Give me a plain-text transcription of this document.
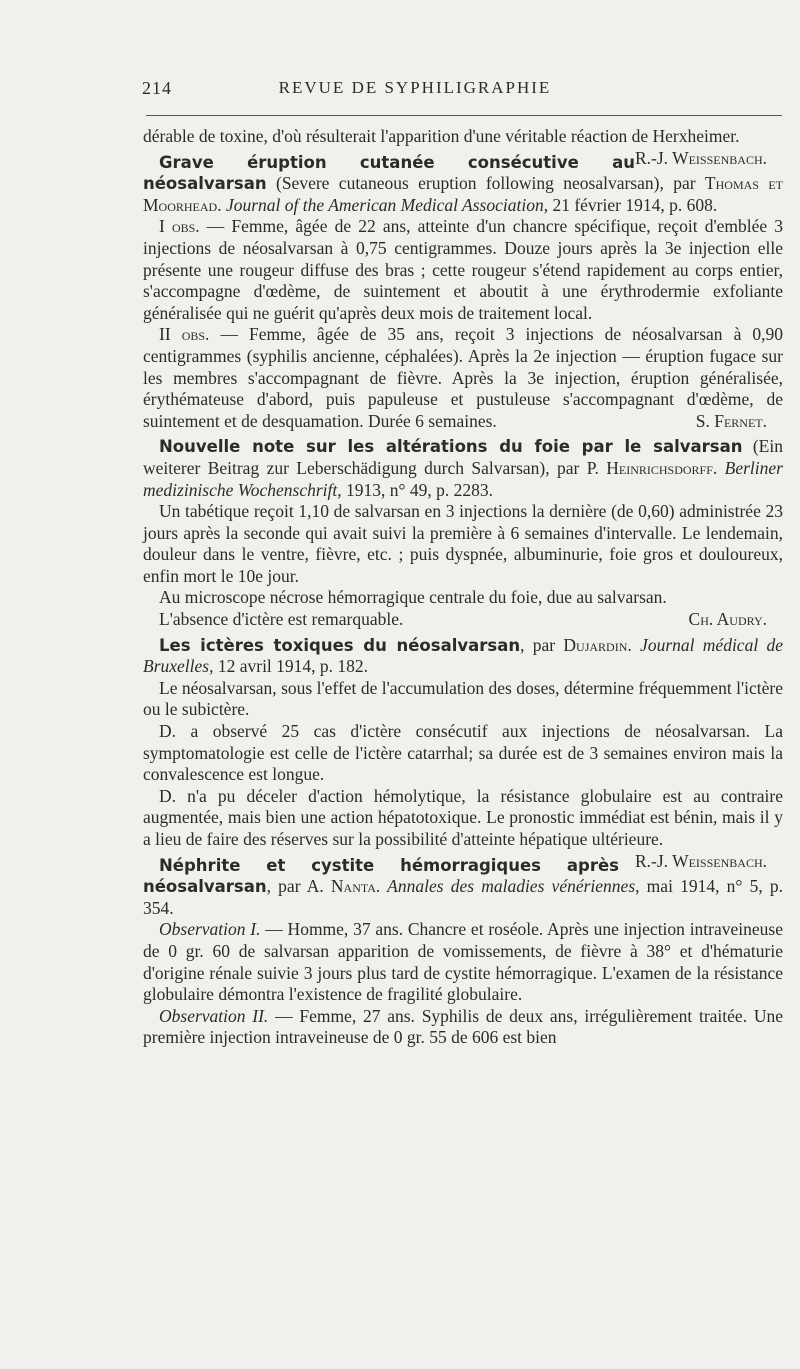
214	REVUE DE SYPHILIGRAPHIE

dérable de toxine, d'où résulterait l'apparition d'une véritable réaction de Herxheimer.
R.-J. Weissenbach.

Grave éruption cutanée consécutive au néosalvarsan (Severe cutaneous eruption following neosalvarsan), par Thomas et Moorhead. Journal of the American Medical Association, 21 février 1914, p. 608.

I obs. — Femme, âgée de 22 ans, atteinte d'un chancre spécifique, reçoit d'emblée 3 injections de néosalvarsan à 0,75 centigrammes. Douze jours après la 3e injection elle présente une rougeur diffuse des bras ; cette rougeur s'étend rapidement au corps entier, s'accompagne d'œdème, de suintement et aboutit à une érythrodermie exfoliante généralisée qui ne guérit qu'après deux mois de traitement local.

II obs. — Femme, âgée de 35 ans, reçoit 3 injections de néosalvarsan à 0,90 centigrammes (syphilis ancienne, céphalées). Après la 2e injection — éruption fugace sur les membres s'accompagnant de fièvre. Après la 3e injection, éruption généralisée, érythémateuse d'abord, puis papuleuse et pustuleuse s'accompagnant d'œdème, de suintement et de desquamation. Durée 6 semaines.	S. Fernet.

Nouvelle note sur les altérations du foie par le salvarsan (Ein weiterer Beitrag zur Leberschädigung durch Salvarsan), par P. Heinrichsdorff. Berliner medizinische Wochenschrift, 1913, n° 49, p. 2283.

Un tabétique reçoit 1,10 de salvarsan en 3 injections la dernière (de 0,60) administrée 23 jours après la seconde qui avait suivi la première à 6 semaines d'intervalle. Le lendemain, douleur dans le ventre, fièvre, etc. ; puis dyspnée, albuminurie, foie gros et douloureux, enfin mort le 10e jour.

Au microscope nécrose hémorragique centrale du foie, due au salvarsan.

L'absence d'ictère est remarquable.	Ch. Audry.

Les ictères toxiques du néosalvarsan, par Dujardin. Journal médical de Bruxelles, 12 avril 1914, p. 182.

Le néosalvarsan, sous l'effet de l'accumulation des doses, détermine fréquemment l'ictère ou le subictère.

D. a observé 25 cas d'ictère consécutif aux injections de néosalvarsan. La symptomatologie est celle de l'ictère catarrhal; sa durée est de 3 semaines environ mais la convalescence est longue.

D. n'a pu déceler d'action hémolytique, la résistance globulaire est au contraire augmentée, mais bien une action hépatotoxique. Le pronostic immédiat est bénin, mais il y a lieu de faire des réserves sur la possibilité d'atteinte hépatique ultérieure.
R.-J. Weissenbach.

Néphrite et cystite hémorragiques après néosalvarsan, par A. Nanta. Annales des maladies vénériennes, mai 1914, n° 5, p. 354.

Observation I. — Homme, 37 ans. Chancre et roséole. Après une injection intraveineuse de 0 gr. 60 de salvarsan apparition de vomissements, de fièvre à 38° et d'hématurie d'origine rénale suivie 3 jours plus tard de cystite hémorragique. L'examen de la résistance globulaire démontra l'existence de fragilité globulaire.

Observation II. — Femme, 27 ans. Syphilis de deux ans, irrégulièrement traitée. Une première injection intraveineuse de 0 gr. 55 de 606 est bien
